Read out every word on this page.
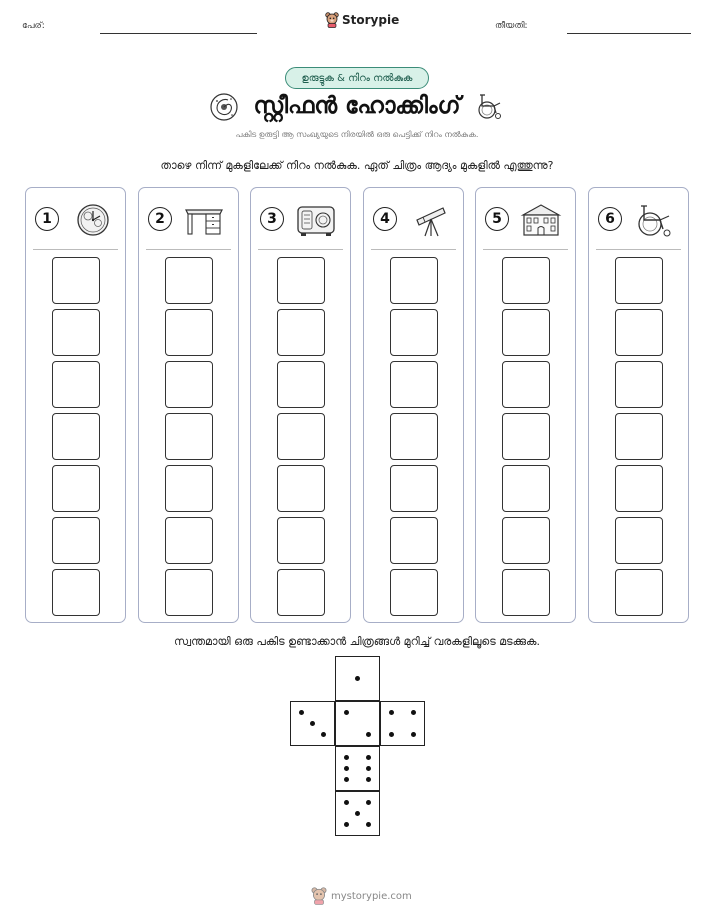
പേര്:	Storypie	തീയതി:
ഉരുട്ടുക & നിറം നൽകുക
സ്റ്റീഫൻ ഹോക്കിംഗ്
പകിട ഉരുട്ടി ആ സംഖ്യയുടെ നിരയിൽ ഒരു പെട്ടിക്ക് നിറം നൽകുക.
താഴെ നിന്ന് മുകളിലേക്ക് നിറം നൽകുക. ഏത് ചിത്രം ആദ്യം മുകളിൽ എത്തുന്നു?
1	2	3	4	5	6
സ്വന്തമായി ഒരു പകിട ഉണ്ടാക്കാൻ ചിത്രങ്ങൾ മുറിച്ച് വരകളിലൂടെ മടക്കുക.
mystorypie.com
